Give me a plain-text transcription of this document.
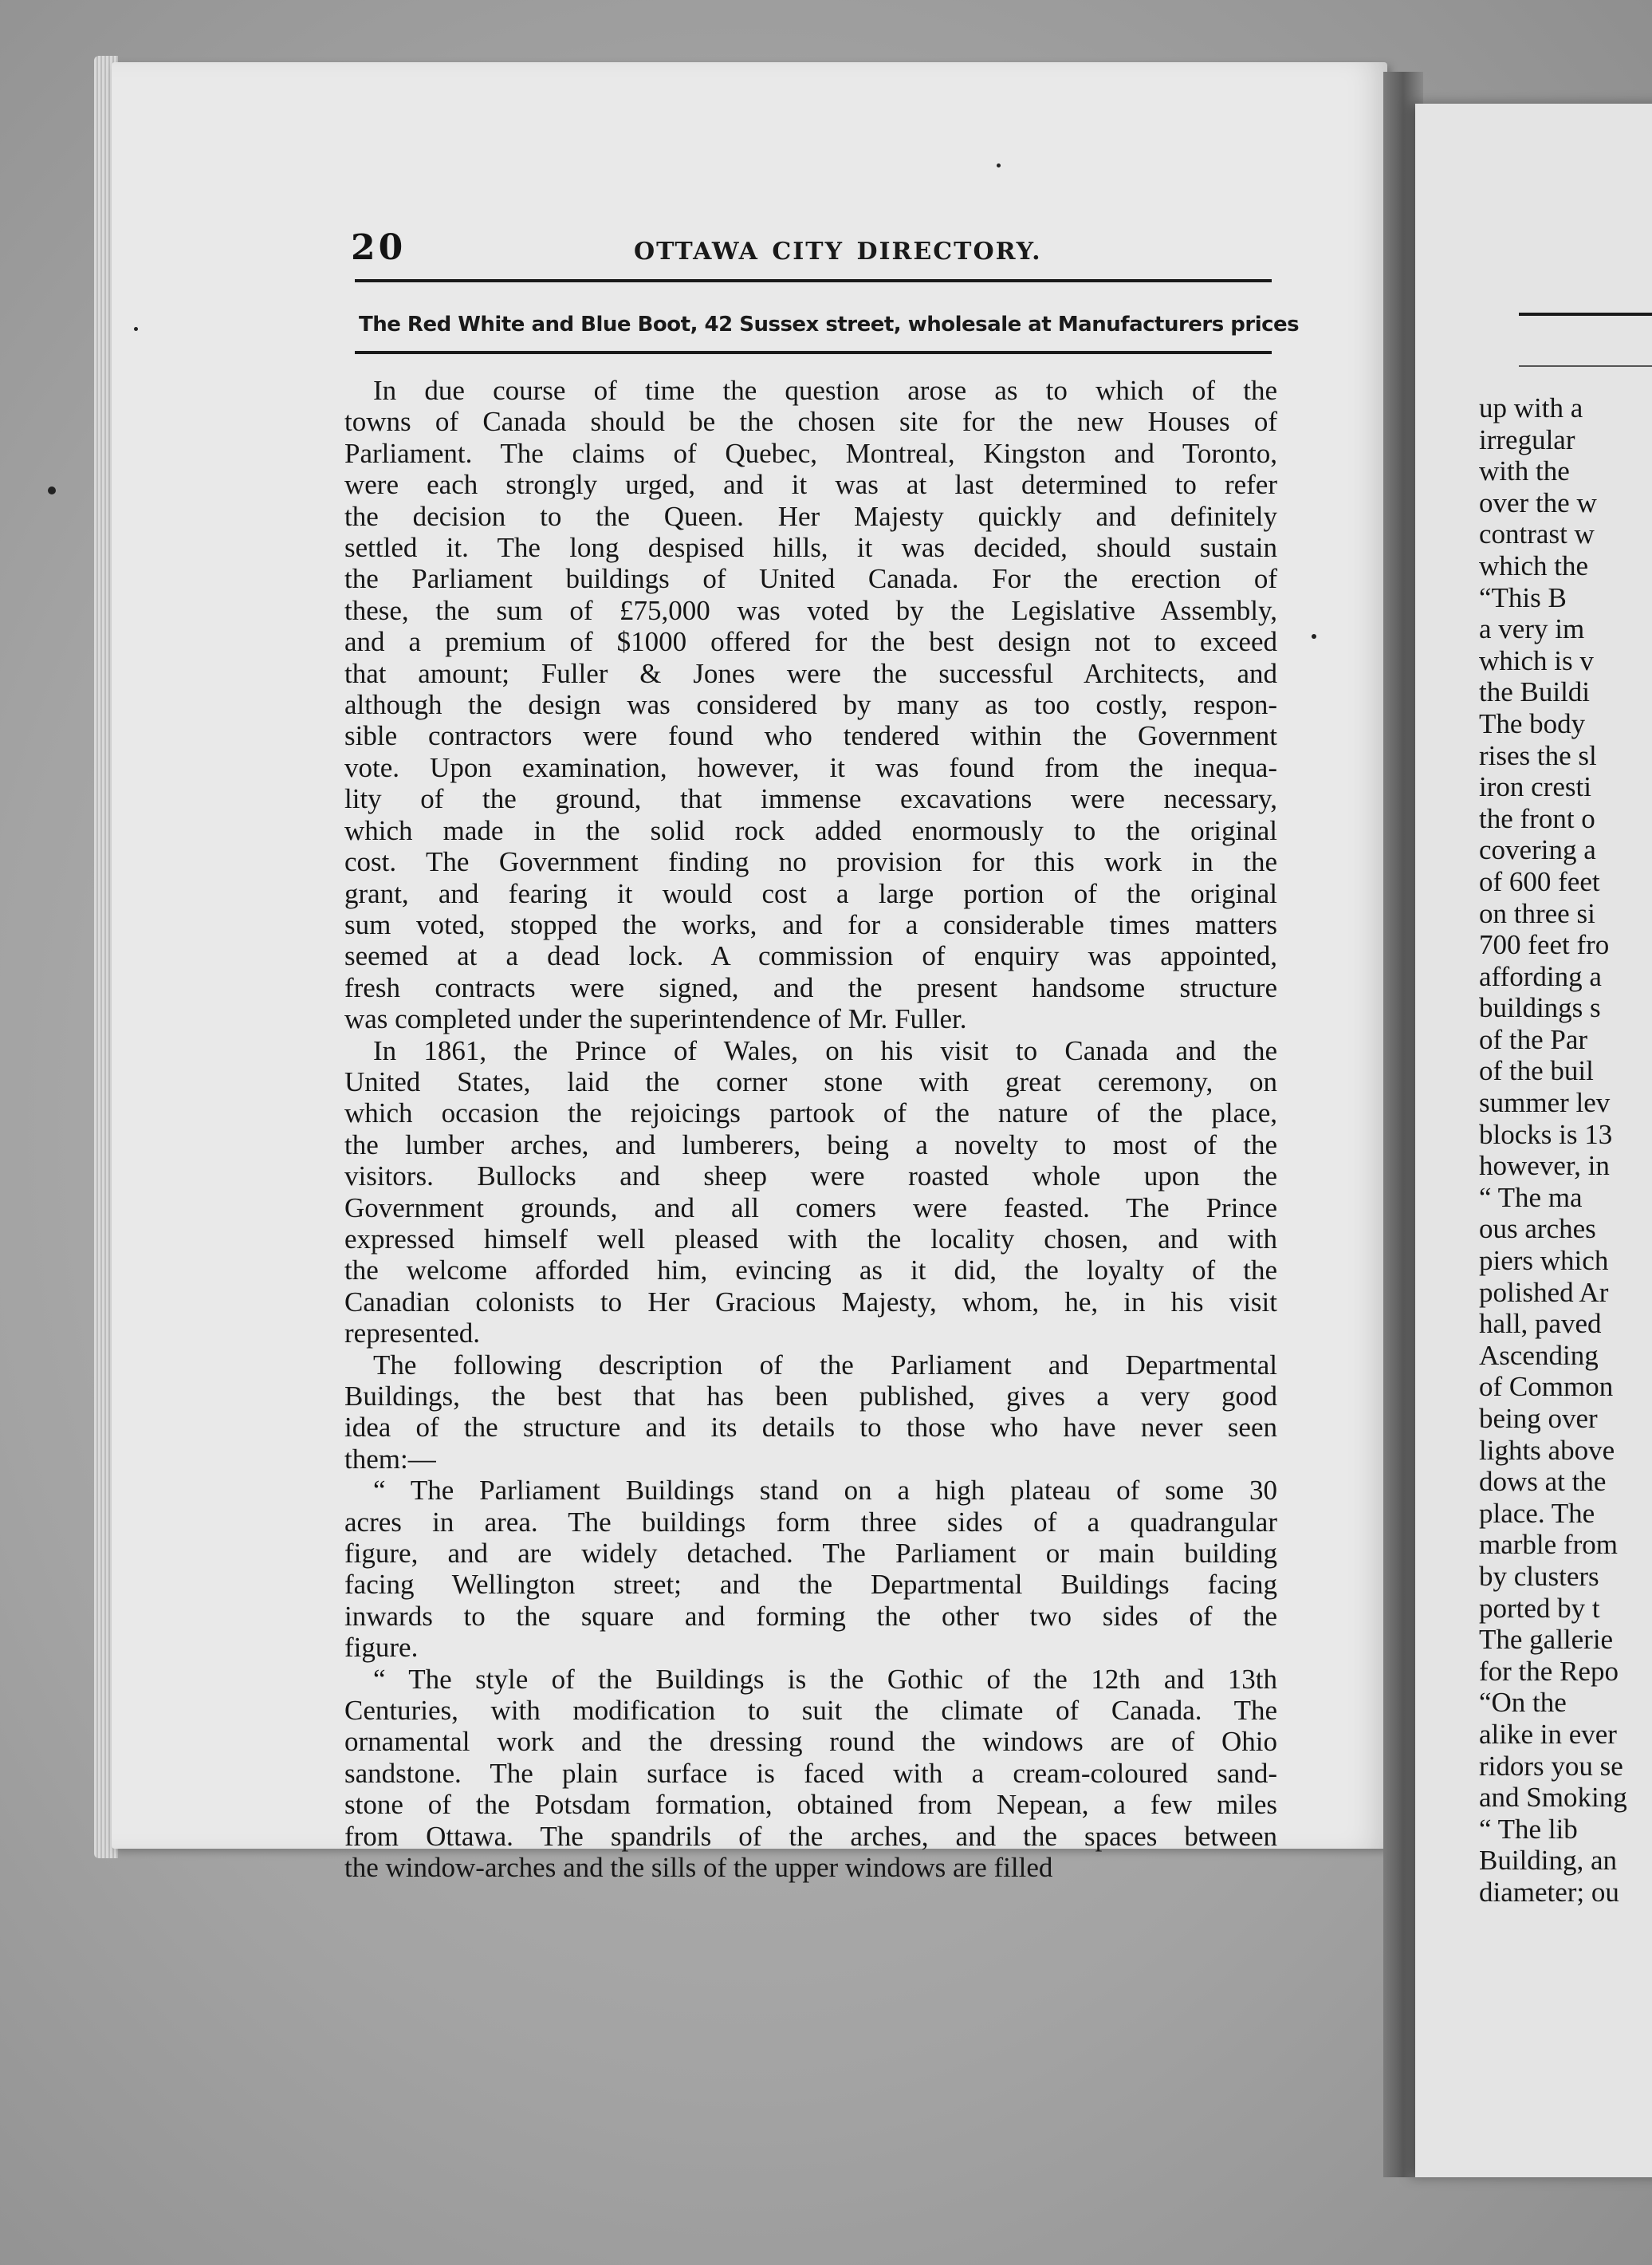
20	OTTAWA CITY DIRECTORY.
The Red White and Blue Boot, 42 Sussex street, wholesale at Manufacturers prices
In due course of time the question arose as to which of the
towns of Canada should be the chosen site for the new Houses of
Parliament. The claims of Quebec, Montreal, Kingston and Toronto,
were each strongly urged, and it was at last determined to refer
the decision to the Queen. Her Majesty quickly and definitely
settled it. The long despised hills, it was decided, should sustain
the Parliament buildings of United Canada. For the erection of
these, the sum of £75,000 was voted by the Legislative Assembly,
and a premium of $1000 offered for the best design not to exceed
that amount; Fuller & Jones were the successful Architects, and
although the design was considered by many as too costly, respon-
sible contractors were found who tendered within the Government
vote. Upon examination, however, it was found from the inequa-
lity of the ground, that immense excavations were necessary,
which made in the solid rock added enormously to the original
cost. The Government finding no provision for this work in the
grant, and fearing it would cost a large portion of the original
sum voted, stopped the works, and for a considerable times matters
seemed at a dead lock. A commission of enquiry was appointed,
fresh contracts were signed, and the present handsome structure
was completed under the superintendence of Mr. Fuller.
In 1861, the Prince of Wales, on his visit to Canada and the
United States, laid the corner stone with great ceremony, on
which occasion the rejoicings partook of the nature of the place,
the lumber arches, and lumberers, being a novelty to most of the
visitors. Bullocks and sheep were roasted whole upon the
Government grounds, and all comers were feasted. The Prince
expressed himself well pleased with the locality chosen, and with
the welcome afforded him, evincing as it did, the loyalty of the
Canadian colonists to Her Gracious Majesty, whom, he, in his visit
represented.
The following description of the Parliament and Departmental
Buildings, the best that has been published, gives a very good
idea of the structure and its details to those who have never seen
them:—
“ The Parliament Buildings stand on a high plateau of some 30
acres in area. The buildings form three sides of a quadrangular
figure, and are widely detached. The Parliament or main building
facing Wellington street; and the Departmental Buildings facing
inwards to the square and forming the other two sides of the
figure.
“ The style of the Buildings is the Gothic of the 12th and 13th
Centuries, with modification to suit the climate of Canada. The
ornamental work and the dressing round the windows are of Ohio
sandstone. The plain surface is faced with a cream-coloured sand-
stone of the Potsdam formation, obtained from Nepean, a few miles
from Ottawa. The spandrils of the arches, and the spaces between
the window-arches and the sills of the upper windows are filled
up with a
irregular
with the
over the w
contrast w
which the
“This B
a very im
which is v
the Buildi
The body
rises the sl
iron cresti
the front o
covering a
of 600 feet
on three si
700 feet fro
affording a
buildings s
of the Par
of the buil
summer lev
blocks is 13
however, in
“ The ma
ous arches
piers which
polished Ar
hall, paved
Ascending
of Common
being over
lights above
dows at the
place. The
marble from
by clusters
ported by t
The gallerie
for the Repo
“On the
alike in ever
ridors you se
and Smoking
“ The lib
Building, an
diameter; ou
